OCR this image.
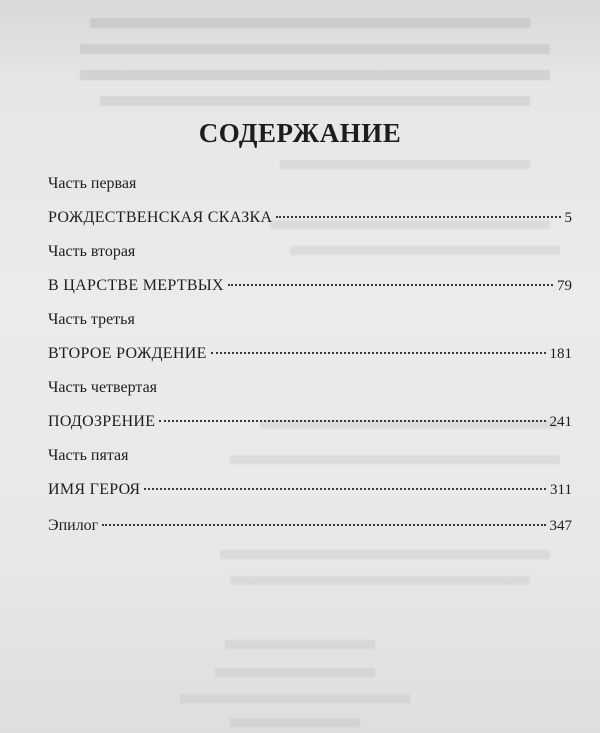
СОДЕРЖАНИЕ
Часть первая
РОЖДЕСТВЕНСКАЯ СКАЗКА	5
Часть вторая
В ЦАРСТВЕ МЕРТВЫХ	79
Часть третья
ВТОРОЕ РОЖДЕНИЕ	181
Часть четвертая
ПОДОЗРЕНИЕ	241
Часть пятая
ИМЯ ГЕРОЯ	311
Эпилог	347
